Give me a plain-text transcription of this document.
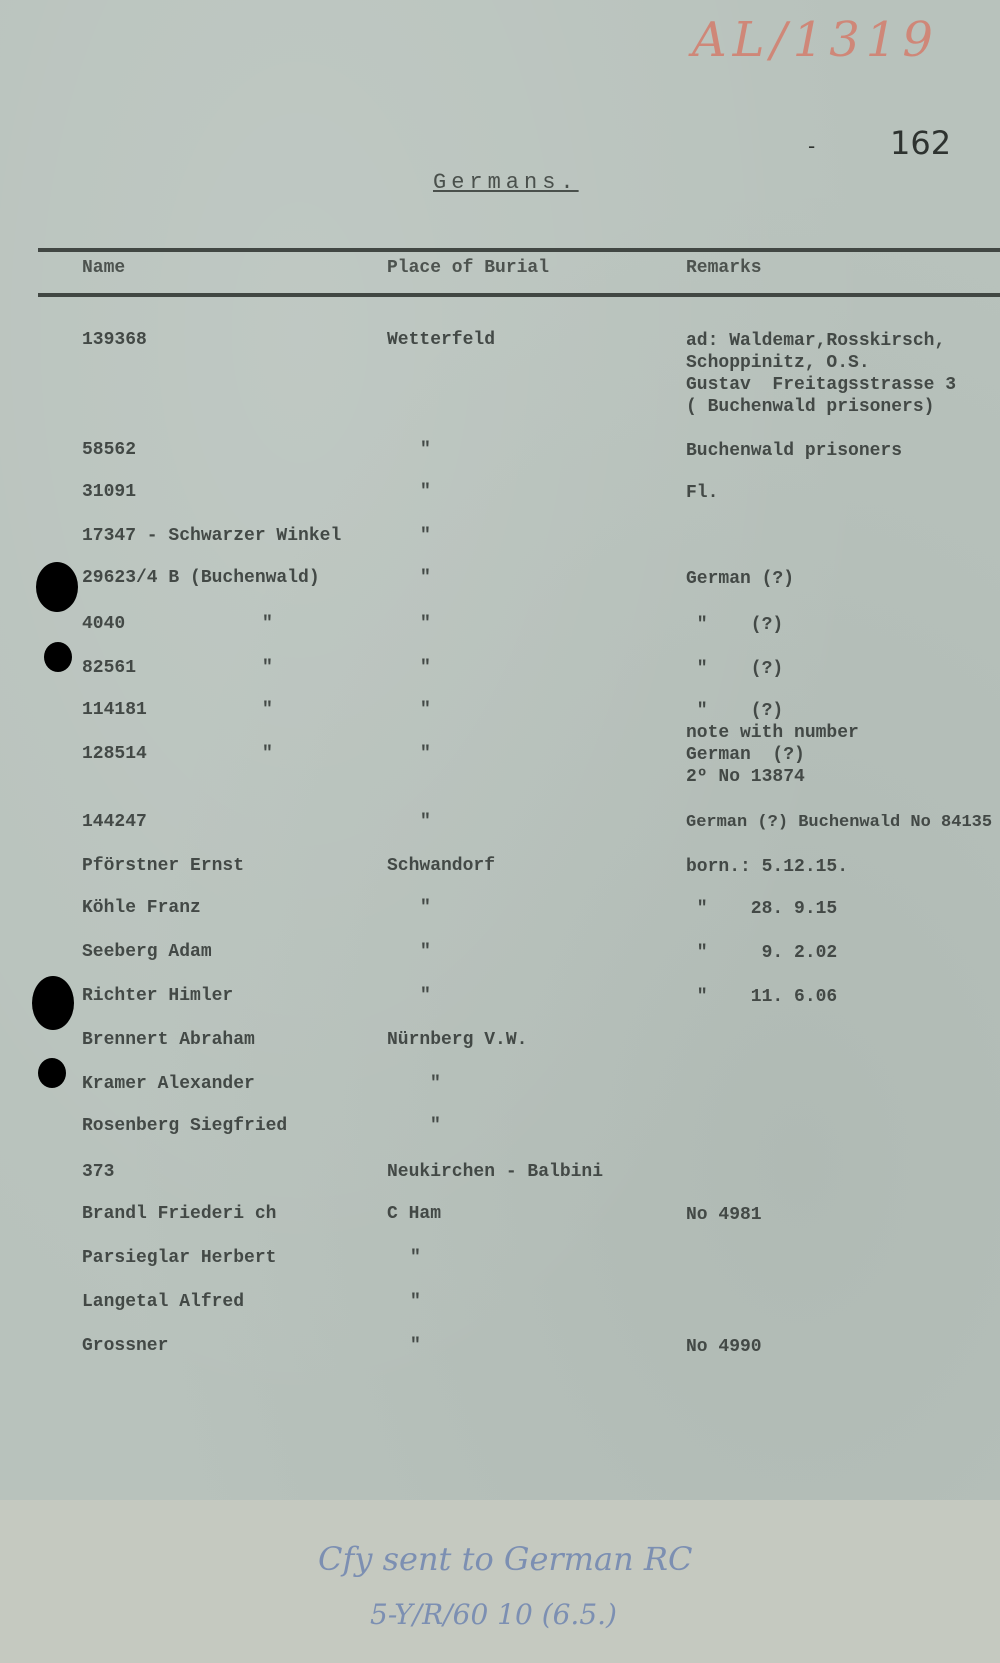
AL/1319
- 162
Germans.
Name	Place of Burial	Remarks
139368	Wetterfeld	ad: Waldemar,Rosskirsch,
Schoppinitz, O.S.
Gustav  Freitagsstrasse 3
( Buchenwald prisoners)
58562	"	Buchenwald prisoners
31091	"	Fl.
17347 - Schwarzer Winkel	"
29623/4 B (Buchenwald)	"	German (?)
4040	"	"	"    (?)
82561	"	"	"    (?)
114181	"	"	"    (?)
note with number
128514	"	"	German  (?)
2º No 13874
144247	"	German (?) Buchenwald No 84135
Pförstner Ernst	Schwandorf	born.: 5.12.15.
Köhle Franz	"	"    28. 9.15
Seeberg Adam	"	"     9. 2.02
Richter Himler	"	"    11. 6.06
Brennert Abraham	Nürnberg V.W.
Kramer Alexander	"
Rosenberg Siegfried	"
373	Neukirchen - Balbini
Brandl Friederi ch	C Ham	No 4981
Parsieglar Herbert	"
Langetal Alfred	"
Grossner	"	No 4990
Cfy sent to German RC
5-Y/R/60 10 (6.5.)
